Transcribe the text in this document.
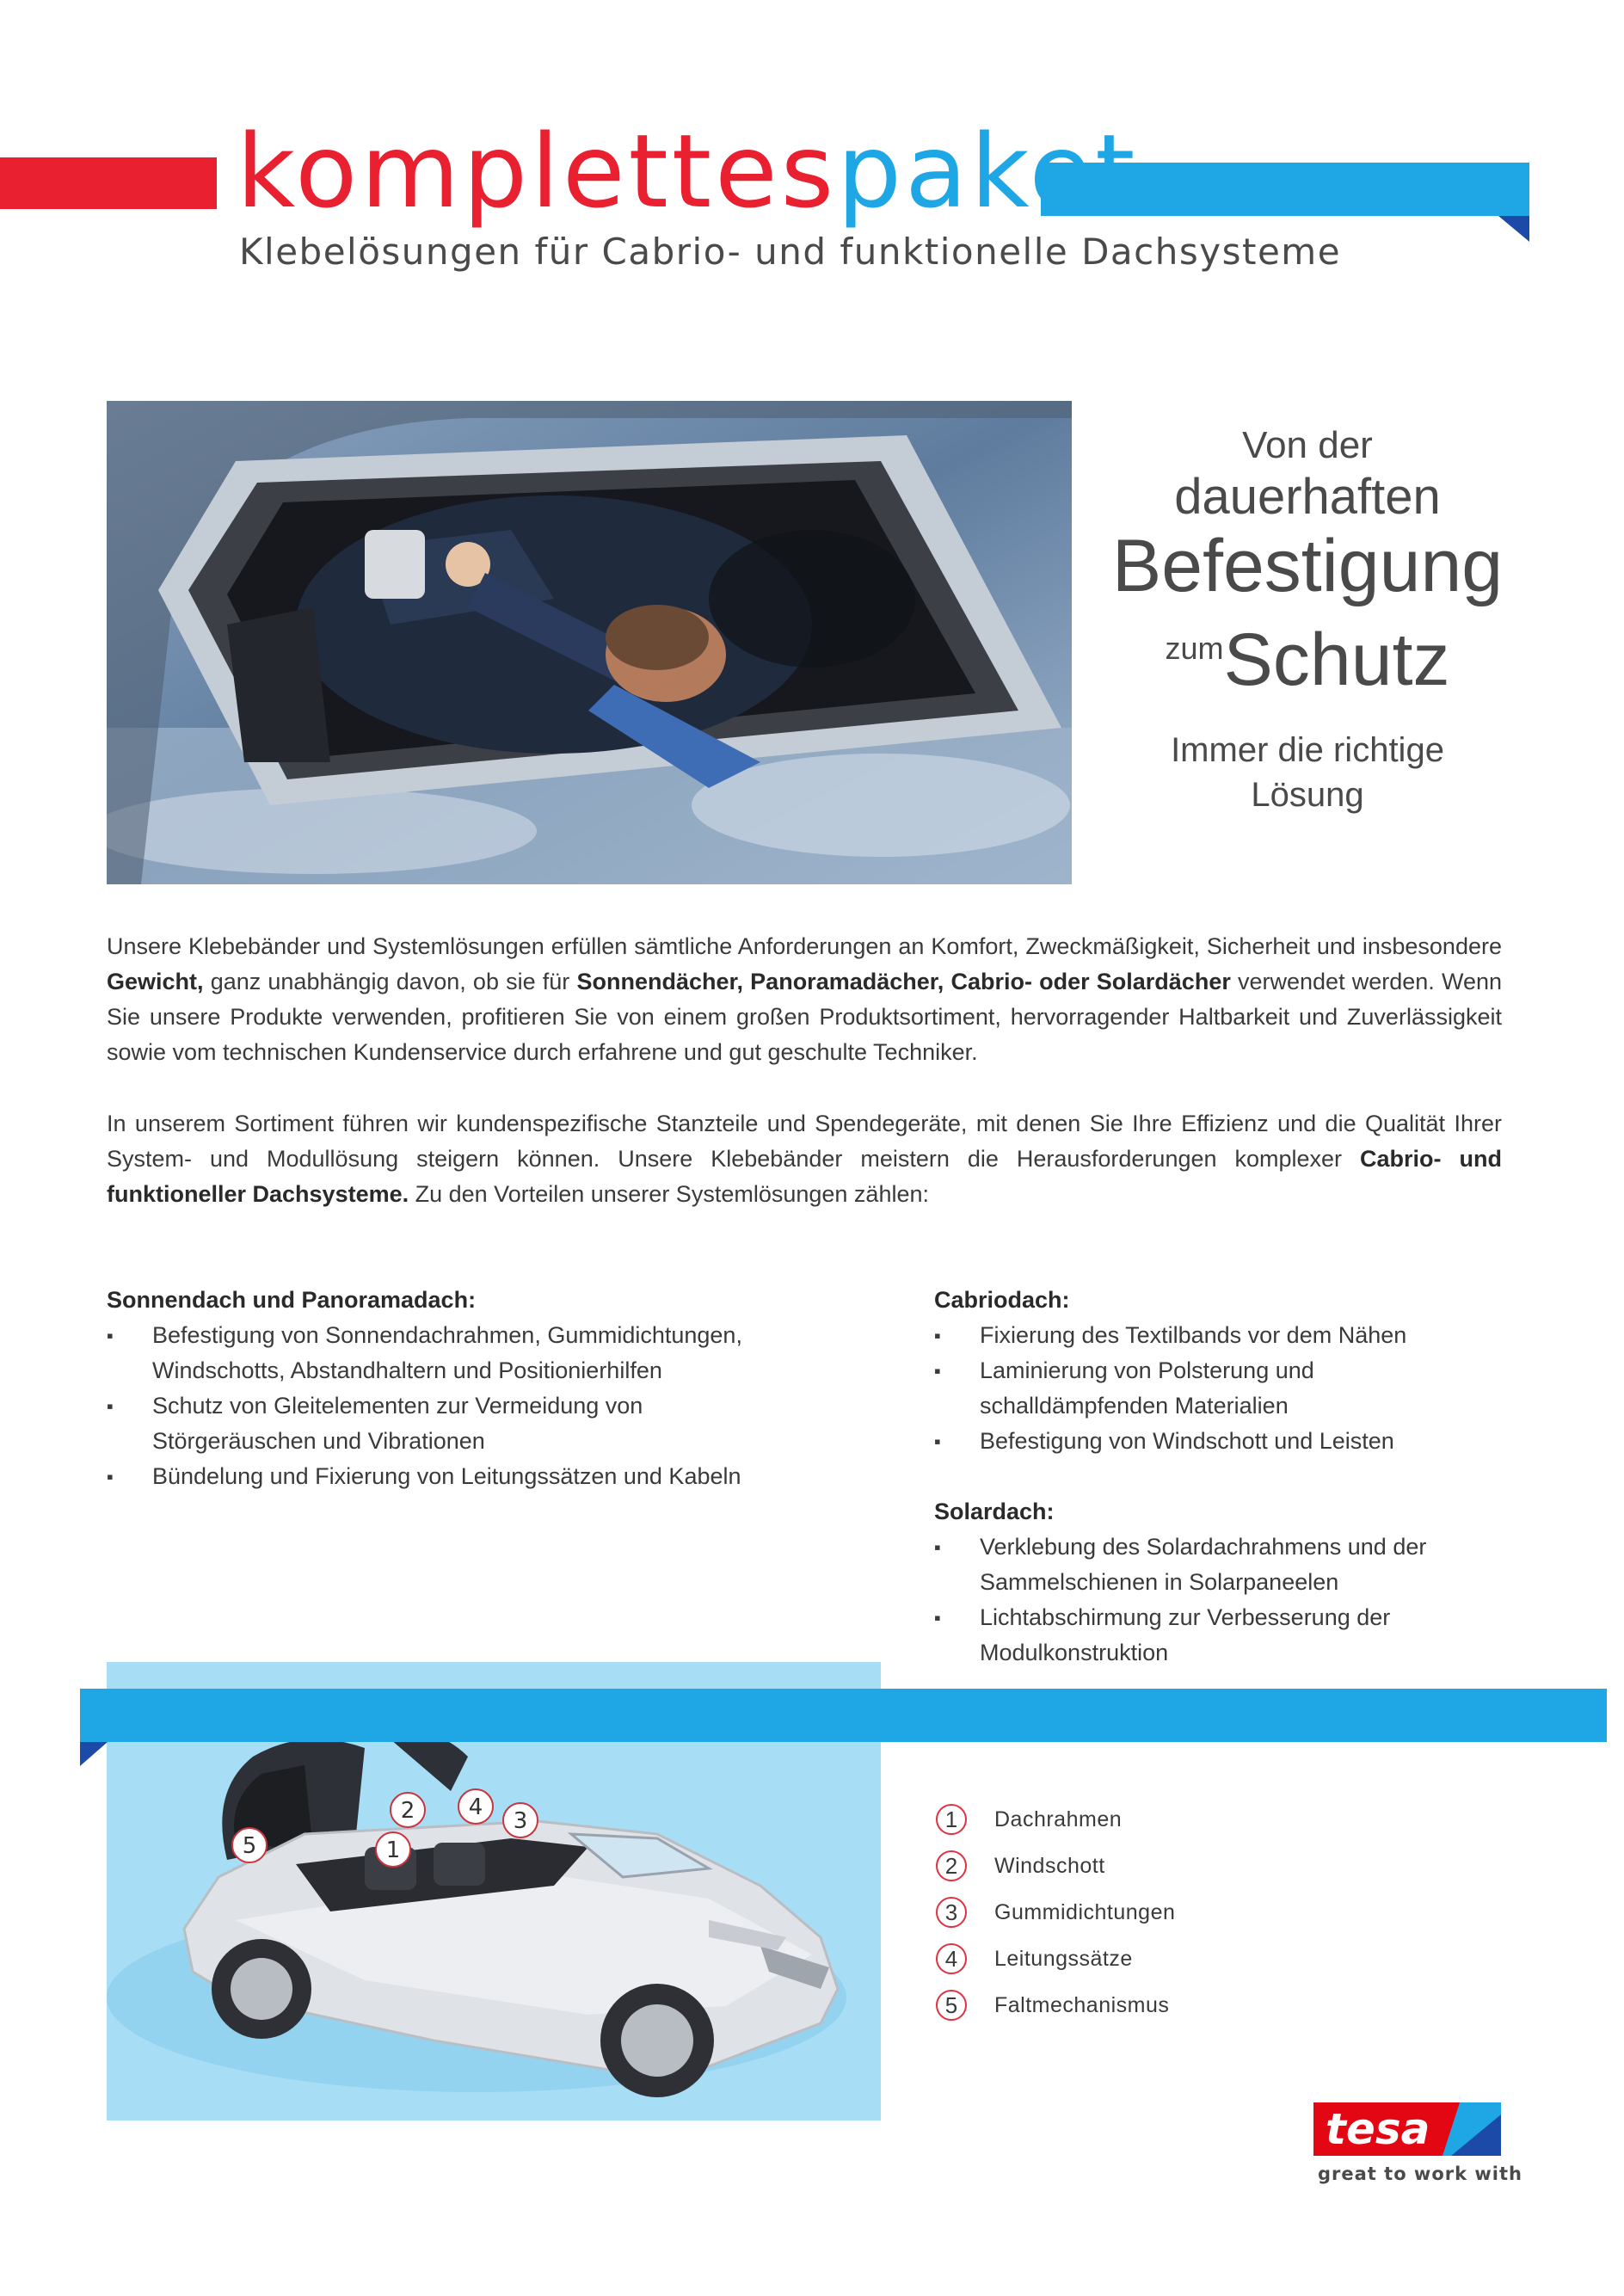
komplettespaket
Klebelösungen für Cabrio- und funktionelle Dachsysteme
Von der
dauerhaften
Befestigung
zumSchutz
Immer die richtige
Lösung
Unsere Klebebänder und Systemlösungen erfüllen sämtliche Anforderungen an Komfort, Zweckmäßigkeit, Sicherheit und insbesondere Gewicht, ganz unabhängig davon, ob sie für Sonnendächer, Panoramadächer, Cabrio- oder Solardächer verwendet werden. Wenn Sie unsere Produkte verwenden, profitieren Sie von einem großen Produktsortiment, hervorragender Haltbarkeit und Zuverlässigkeit sowie vom technischen Kundenservice durch erfahrene und gut geschulte Techniker.
In unserem Sortiment führen wir kundenspezifische Stanzteile und Spendegeräte, mit denen Sie Ihre Effizienz und die Qualität Ihrer System- und Modullösung steigern können. Unsere Klebebänder meistern die Herausforderungen komplexer Cabrio- und funktioneller Dachsysteme. Zu den Vorteilen unserer Systemlösungen zählen:
Sonnendach und Panoramadach:
▪ Befestigung von Sonnendachrahmen, Gummidichtungen, Windschotts, Abstandhaltern und Positionierhilfen
▪ Schutz von Gleitelementen zur Vermeidung von Störgeräuschen und Vibrationen
▪ Bündelung und Fixierung von Leitungssätzen und Kabeln
Cabriodach:
▪ Fixierung des Textilbands vor dem Nähen
▪ Laminierung von Polsterung und schalldämpfenden Materialien
▪ Befestigung von Windschott und Leisten
Solardach:
▪ Verklebung des Solardachrahmens und der Sammelschienen in Solarpaneelen
▪ Lichtabschirmung zur Verbesserung der Modulkonstruktion
1
2	3
4
5
1	Dachrahmen
2	Windschott
3	Gummidichtungen
4	Leitungssätze
5	Faltmechanismus
tesa
great to work with
